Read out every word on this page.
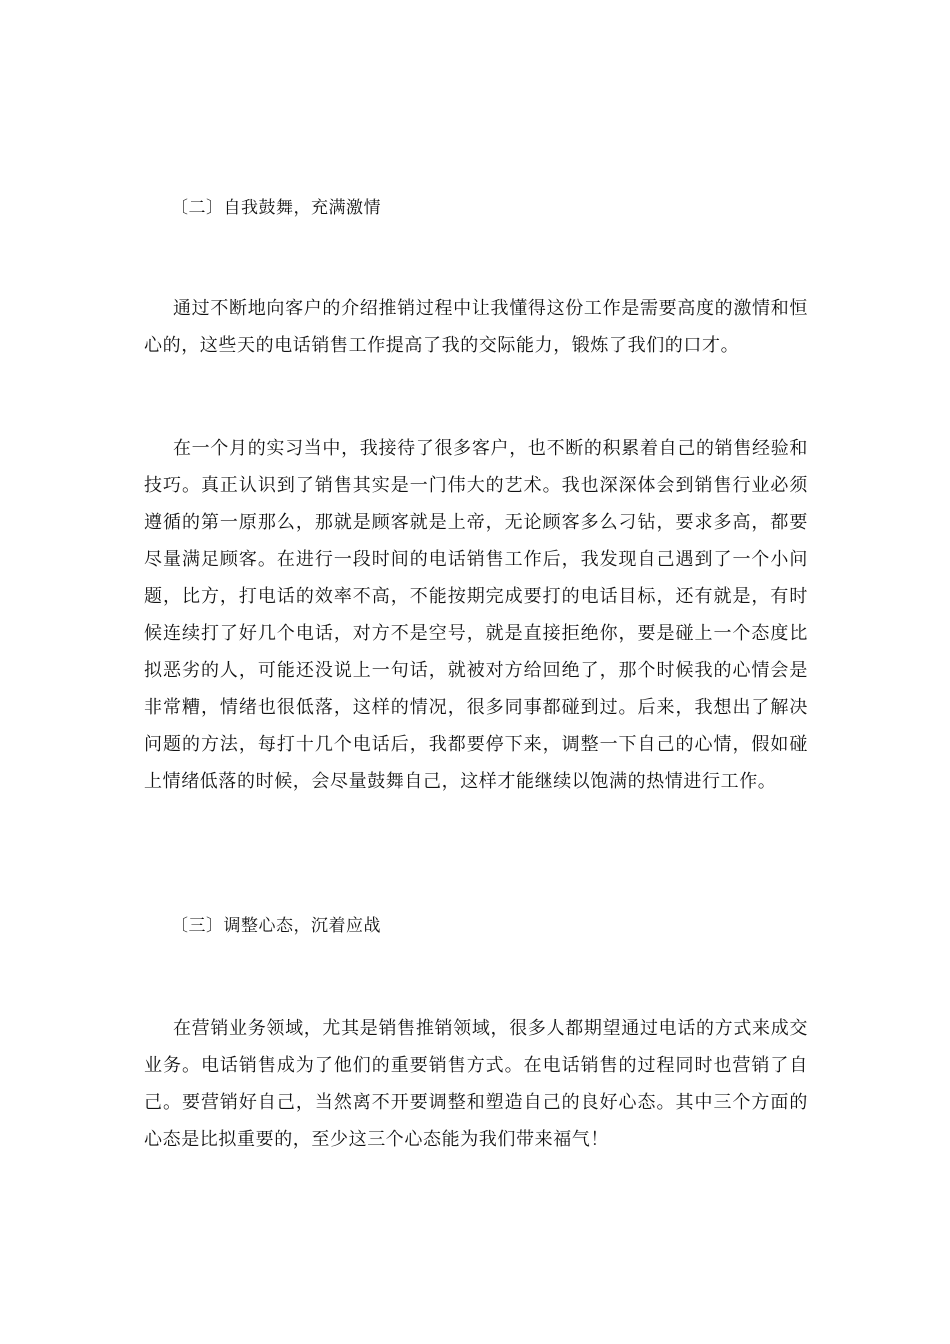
〔二〕自我鼓舞，充满激情
通过不断地向客户的介绍推销过程中让我懂得这份工作是需要高度的激情和恒心的，这些天的电话销售工作提高了我的交际能力，锻炼了我们的口才。
在一个月的实习当中，我接待了很多客户，也不断的积累着自己的销售经验和技巧。真正认识到了销售其实是一门伟大的艺术。我也深深体会到销售行业必须遵循的第一原那么，那就是顾客就是上帝，无论顾客多么刁钻，要求多高，都要尽量满足顾客。在进行一段时间的电话销售工作后，我发现自己遇到了一个小问题，比方，打电话的效率不高，不能按期完成要打的电话目标，还有就是，有时候连续打了好几个电话，对方不是空号，就是直接拒绝你，要是碰上一个态度比拟恶劣的人，可能还没说上一句话，就被对方给回绝了，那个时候我的心情会是非常糟，情绪也很低落，这样的情况，很多同事都碰到过。后来，我想出了解决问题的方法，每打十几个电话后，我都要停下来，调整一下自己的心情，假如碰上情绪低落的时候，会尽量鼓舞自己，这样才能继续以饱满的热情进行工作。
〔三〕调整心态，沉着应战
在营销业务领域，尤其是销售推销领域，很多人都期望通过电话的方式来成交业务。电话销售成为了他们的重要销售方式。在电话销售的过程同时也营销了自己。要营销好自己，当然离不开要调整和塑造自己的良好心态。其中三个方面的心态是比拟重要的，至少这三个心态能为我们带来福气！
